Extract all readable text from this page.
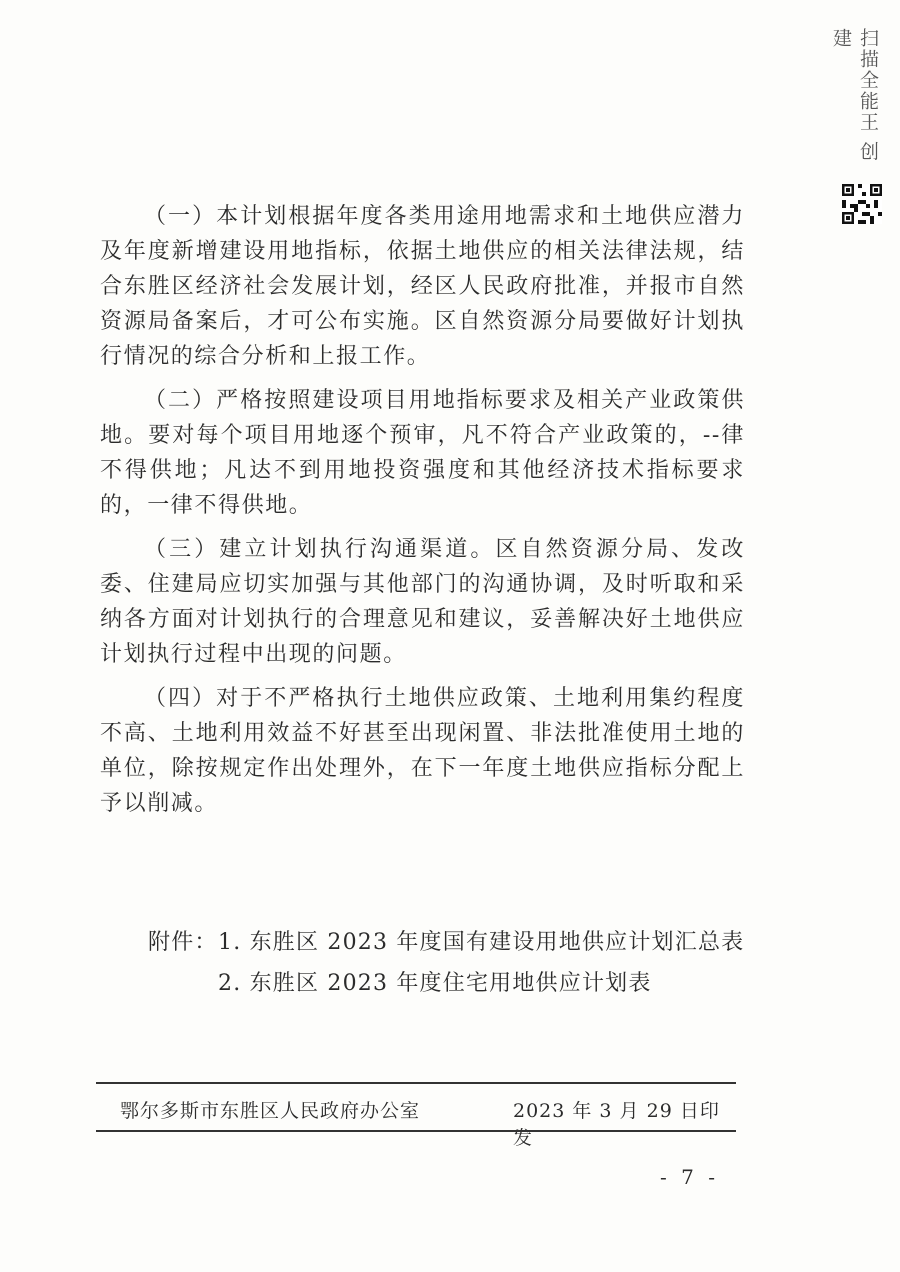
扫描全能王 创建

（一）本计划根据年度各类用途用地需求和土地供应潜力及年度新增建设用地指标，依据土地供应的相关法律法规，结合东胜区经济社会发展计划，经区人民政府批准，并报市自然资源局备案后，才可公布实施。区自然资源分局要做好计划执行情况的综合分析和上报工作。

（二）严格按照建设项目用地指标要求及相关产业政策供地。要对每个项目用地逐个预审，凡不符合产业政策的，--律不得供地；凡达不到用地投资强度和其他经济技术指标要求的，一律不得供地。

（三）建立计划执行沟通渠道。区自然资源分局、发改委、住建局应切实加强与其他部门的沟通协调，及时听取和采纳各方面对计划执行的合理意见和建议，妥善解决好土地供应计划执行过程中出现的问题。

（四）对于不严格执行土地供应政策、土地利用集约程度不高、土地利用效益不好甚至出现闲置、非法批准使用土地的单位，除按规定作出处理外，在下一年度土地供应指标分配上予以削减。

附件：1. 东胜区 2023 年度国有建设用地供应计划汇总表
2. 东胜区 2023 年度住宅用地供应计划表
鄂尔多斯市东胜区人民政府办公室	2023 年 3 月 29 日印发
- 7 -
